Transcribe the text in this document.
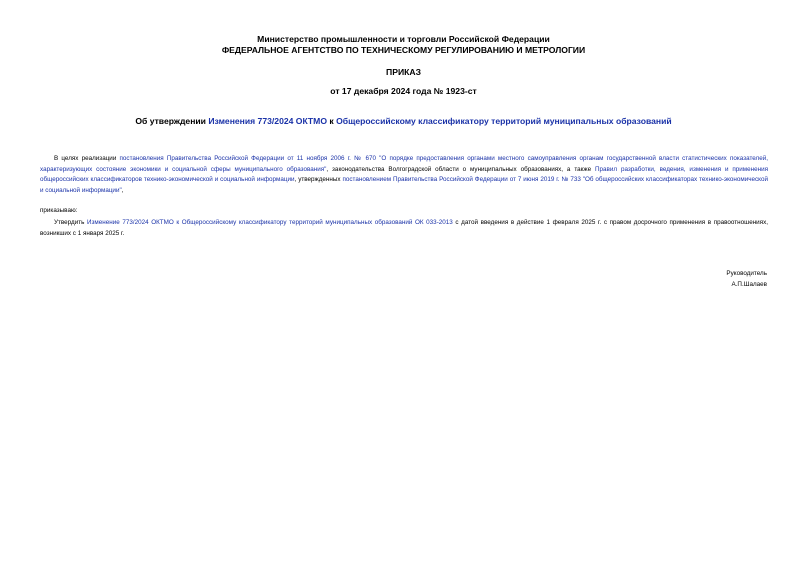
Министерство промышленности и торговли Российской Федерации
ФЕДЕРАЛЬНОЕ АГЕНТСТВО ПО ТЕХНИЧЕСКОМУ РЕГУЛИРОВАНИЮ И МЕТРОЛОГИИ
ПРИКАЗ
от 17 декабря 2024 года № 1923-ст
Об утверждении Изменения 773/2024 ОКТМО к Общероссийскому классификатору территорий муниципальных образований
В целях реализации постановления Правительства Российской Федерации от 11 ноября 2006 г. № 670 "О порядке предоставления органами местного самоуправления органам государственной власти статистических показателей, характеризующих состояние экономики и социальной сферы муниципального образования", законодательства Волгоградской области о муниципальных образованиях, а также Правил разработки, ведения, изменения и применения общероссийских классификаторов технико-экономической и социальной информации, утвержденных постановлением Правительства Российской Федерации от 7 июня 2019 г. № 733 "Об общероссийских классификаторах технико-экономической и социальной информации",
приказываю:
Утвердить Изменение 773/2024 ОКТМО к Общероссийскому классификатору территорий муниципальных образований ОК 033-2013 с датой введения в действие 1 февраля 2025 г. с правом досрочного применения в правоотношениях, возникших с 1 января 2025 г.
Руководитель
А.П.Шалаев
